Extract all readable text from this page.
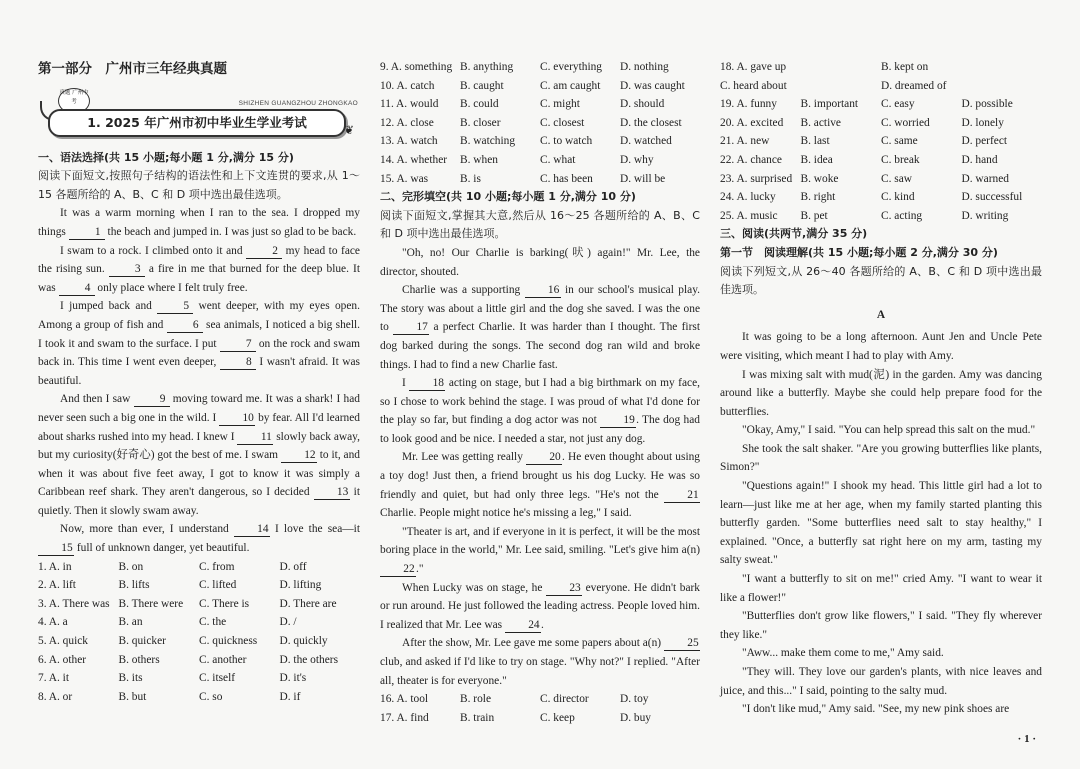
第一部分　广州市三年经典真题
真题 广州中考	SHIZHEN GUANGZHOU ZHONGKAO
1. 2025 年广州市初中毕业生学业考试	❦

一、语法选择(共 15 小题;每小题 1 分,满分 15 分)

阅读下面短文,按照句子结构的语法性和上下文连贯的要求,从 1～15 各题所给的 A、B、C 和 D 项中选出最佳选项。

It was a warm morning when I ran to the sea. I dropped my things 1 the beach and jumped in. I was just so glad to be back.

I swam to a rock. I climbed onto it and 2 my head to face the rising sun. 3 a fire in me that burned for the deep blue. It was 4 only place where I felt truly free.

I jumped back and 5 went deeper, with my eyes open. Among a group of fish and 6 sea animals, I noticed a big shell. I took it and swam to the surface. I put 7 on the rock and swam back in. This time I went even deeper, 8 I wasn't afraid. It was beautiful.

And then I saw 9 moving toward me. It was a shark! I had never seen such a big one in the wild. I 10 by fear. All I'd learned about sharks rushed into my head. I knew I 11 slowly back away, but my curiosity(好奇心) got the best of me. I swam 12 to it, and when it was about five feet away, I got to know it was simply a Caribbean reef shark. They aren't dangerous, so I decided 13 it quietly. Then it slowly swam away.

Now, more than ever, I understand 14 I love the sea—it 15 full of unknown danger, yet beautiful.

1. A. in	B. on	C. from	D. off
2. A. lift	B. lifts	C. lifted	D. lifting
3. A. There was B. There were	C. There is	D. There are
4. A. a	B. an	C. the	D. /
5. A. quick	B. quicker	C. quickness	D. quickly
6. A. other	B. others	C. another	D. the others
7. A. it	B. its	C. itself	D. it's
8. A. or	B. but	C. so	D. if
9. A. something B. anything	C. everything	D. nothing
10. A. catch	B. caught	C. am caught	D. was caught
11. A. would	B. could	C. might	D. should
12. A. close	B. closer	C. closest	D. the closest
13. A. watch	B. watching	C. to watch	D. watched
14. A. whether	B. when	C. what	D. why
15. A. was	B. is	C. has been	D. will be

二、完形填空(共 10 小题;每小题 1 分,满分 10 分)

阅读下面短文,掌握其大意,然后从 16～25 各题所给的 A、B、C 和 D 项中选出最佳选项。

"Oh, no! Our Charlie is barking(吠) again!" Mr. Lee, the director, shouted.

Charlie was a supporting 16 in our school's musical play. The story was about a little girl and the dog she saved. I was the one to 17 a perfect Charlie. It was harder than I thought. The first dog barked during the songs. The second dog ran wild and broke things. I had to find a new Charlie fast.

I 18 acting on stage, but I had a big birthmark on my face, so I chose to work behind the stage. I was proud of what I'd done for the play so far, but finding a dog actor was not 19. The dog had to look good and be nice. I needed a star, not just any dog.

Mr. Lee was getting really 20. He even thought about using a toy dog! Just then, a friend brought us his dog Lucky. He was so friendly and quiet, but had only three legs. "He's not the 21 Charlie. People might notice he's missing a leg," I said.

"Theater is art, and if everyone in it is perfect, it will be the most boring place in the world," Mr. Lee said, smiling. "Let's give him a(n) 22."

When Lucky was on stage, he 23 everyone. He didn't bark or run around. He just followed the leading actress. People loved him. I realized that Mr. Lee was 24.

After the show, Mr. Lee gave me some papers about a(n) 25 club, and asked if I'd like to try on stage. "Why not?" I replied. "After all, theater is for everyone."

16. A. tool	B. role	C. director	D. toy
17. A. find	B. train	C. keep	D. buy
18. A. gave up	B. kept on
C. heard about	D. dreamed of
19. A. funny	B. important	C. easy	D. possible
20. A. excited	B. active	C. worried	D. lonely
21. A. new	B. last	C. same	D. perfect
22. A. chance	B. idea	C. break	D. hand
23. A. surprised B. woke	C. saw	D. warned
24. A. lucky	B. right	C. kind	D. successful
25. A. music	B. pet	C. acting	D. writing

三、阅读(共两节,满分 35 分)

第一节　阅读理解(共 15 小题;每小题 2 分,满分 30 分)

阅读下列短文,从 26～40 各题所给的 A、B、C 和 D 项中选出最佳选项。

A

It was going to be a long afternoon. Aunt Jen and Uncle Pete were visiting, which meant I had to play with Amy.

I was mixing salt with mud(泥) in the garden. Amy was dancing around like a butterfly. Maybe she could help prepare food for the butterflies.

"Okay, Amy," I said. "You can help spread this salt on the mud."

She took the salt shaker. "Are you growing butterflies like plants, Simon?"

"Questions again!" I shook my head. This little girl had a lot to learn—just like me at her age, when my family started planting this butterfly garden. "Some butterflies need salt to stay healthy," I explained. "Once, a butterfly sat right here on my arm, tasting my salty sweat."

"I want a butterfly to sit on me!" cried Amy. "I want to wear it like a flower!"

"Butterflies don't grow like flowers," I said. "They fly wherever they like."

"Aww... make them come to me," Amy said.

"They will. They love our garden's plants, with nice leaves and juice, and this..." I said, pointing to the salty mud.

"I don't like mud," Amy said. "See, my new pink shoes are

· 1 ·
